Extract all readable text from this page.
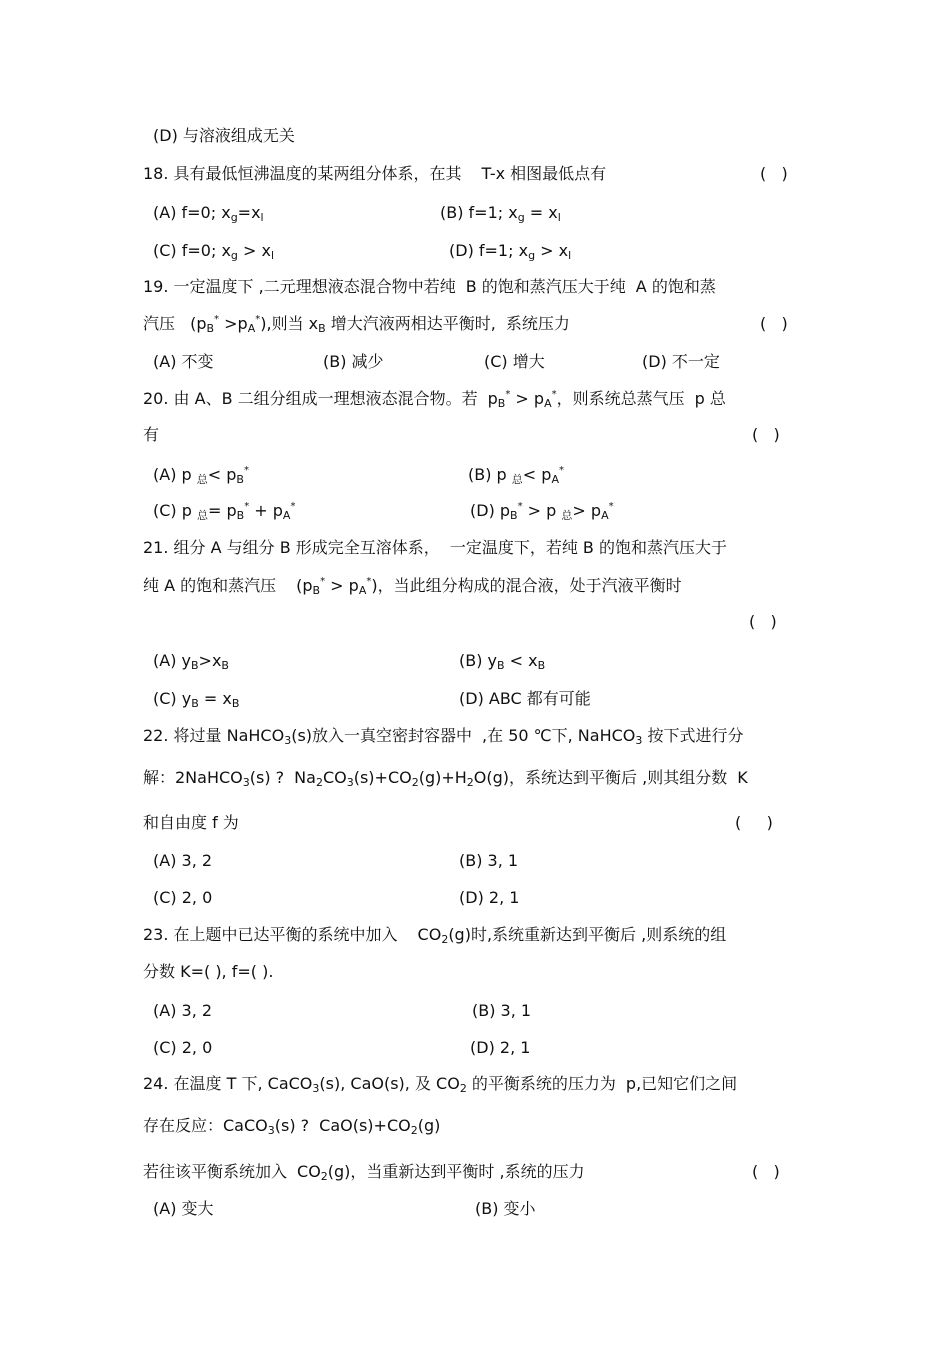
(D) 与溶液组成无关
18. 具有最低恒沸温度的某两组分体系，在其 T-x 相图最低点有	(   )
(A) f=0; $x_g=x_l$	(B) f=1; $x_g = x_l$
(C) f=0; $x_g > x_l$	(D) f=1; $x_g > x_l$
19. 一定温度下 ,二元理想液态混合物中若纯 B 的饱和蒸汽压大于纯 A 的饱和蒸
汽压 $(p_B^* >p_A^*)$,则当 $x_B$ 增大汽液两相达平衡时, 系统压力	(   )
(A) 不变	(B) 减少	(C) 增大	(D) 不一定
20. 由 A、B 二组分组成一理想液态混合物。若 $p_B^* > p_A^*$，则系统总蒸气压 p 总
有	(   )
(A) p $_总< p_B^*$	(B) p $_总< p_A^*$
(C) p $_总= p_B^* + p_A^*$	(D) $p_B^* > p$ $_总> p_A^*$
21. 组分 A 与组分 B 形成完全互溶体系， 一定温度下，若纯 B 的饱和蒸汽压大于
纯 A 的饱和蒸汽压 $(p_B^* > p_A^*)$，当此组分构成的混合液，处于汽液平衡时
(   )
(A) $y_B>x_B$	(B) $y_B < x_B$
(C) $y_B = x_B$	(D) ABC 都有可能
22. 将过量 NaHCO$_3$(s)放入一真空密封容器中 ,在 50 ℃下, NaHCO$_3$ 按下式进行分
解：2NaHCO$_3$(s) ? $Na_2CO_3(s)+CO_2(g)+H_2O(g)$，系统达到平衡后 ,则其组分数 K
和自由度 f 为	(     )
(A) 3, 2	(B) 3, 1
(C) 2, 0	(D) 2, 1
23. 在上题中已达平衡的系统中加入 $CO_2(g)$时,系统重新达到平衡后 ,则系统的组
分数 K=( ), f=( ).
(A) 3, 2	(B) 3, 1
(C) 2, 0	(D) 2, 1
24. 在温度 T 下, CaCO$_3$(s), CaO(s), 及 $CO_2$ 的平衡系统的压力为 p,已知它们之间
存在反应：CaCO$_3$(s) ? $CaO(s)+CO_2(g)$
若往该平衡系统加入 $CO_2(g)$，当重新达到平衡时 ,系统的压力	(   )
(A) 变大	(B) 变小
